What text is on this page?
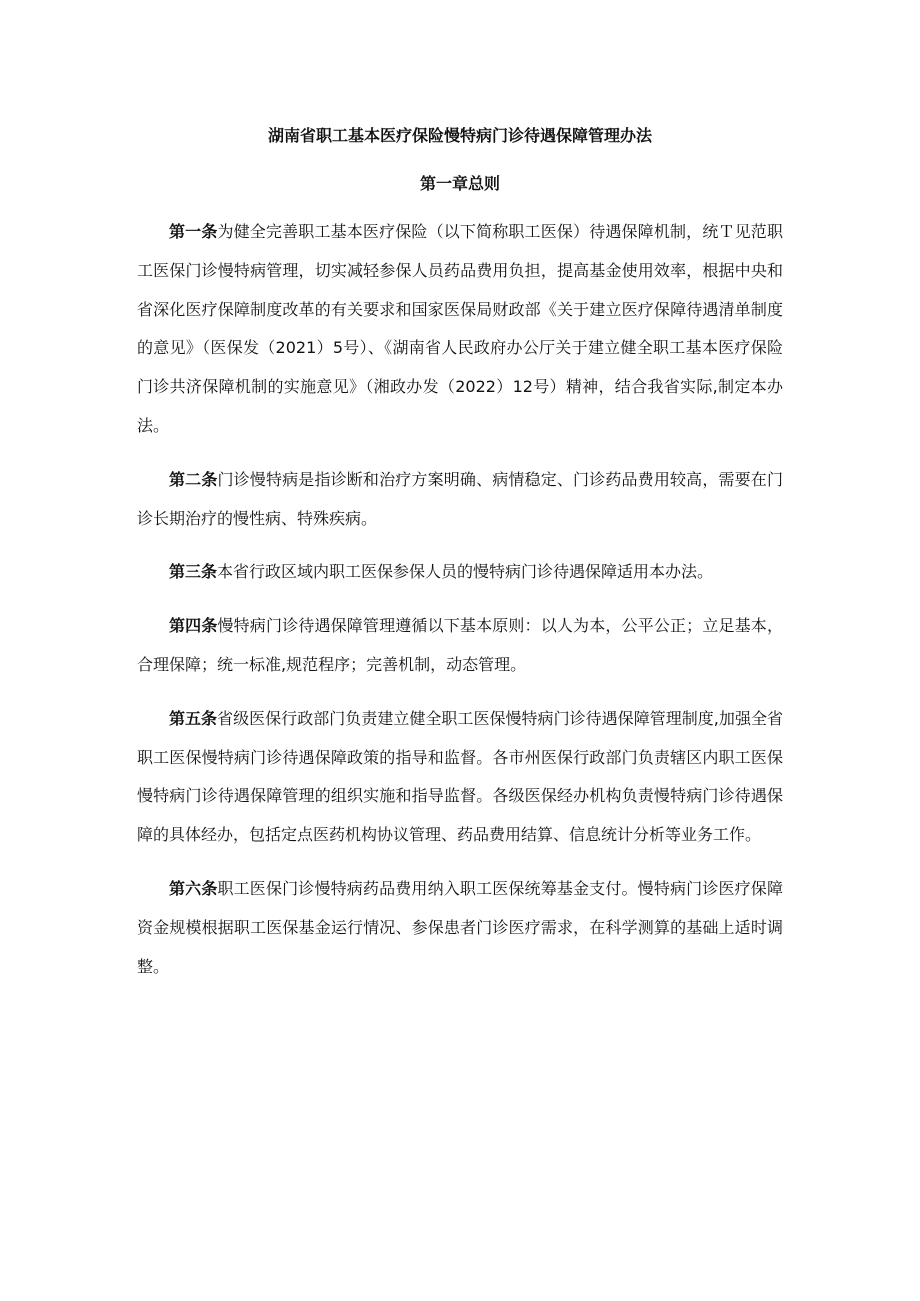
湖南省职工基本医疗保险慢特病门诊待遇保障管理办法
第一章总则

第一条为健全完善职工基本医疗保险（以下简称职工医保）待遇保障机制，统Ｔ见范职工医保门诊慢特病管理，切实减轻参保人员药品费用负担，提高基金使用效率，根据中央和省深化医疗保障制度改革的有关要求和国家医保局财政部《关于建立医疗保障待遇清单制度的意见》（医保发（2021）5号）、《湖南省人民政府办公厅关于建立健全职工基本医疗保险门诊共济保障机制的实施意见》（湘政办发（2022）12号）精神，结合我省实际,制定本办法。

第二条门诊慢特病是指诊断和治疗方案明确、病情稳定、门诊药品费用较高，需要在门诊长期治疗的慢性病、特殊疾病。

第三条本省行政区域内职工医保参保人员的慢特病门诊待遇保障适用本办法。

第四条慢特病门诊待遇保障管理遵循以下基本原则：以人为本，公平公正；立足基本，合理保障；统一标准,规范程序；完善机制，动态管理。

第五条省级医保行政部门负责建立健全职工医保慢特病门诊待遇保障管理制度,加强全省职工医保慢特病门诊待遇保障政策的指导和监督。各市州医保行政部门负责辖区内职工医保慢特病门诊待遇保障管理的组织实施和指导监督。各级医保经办机构负责慢特病门诊待遇保障的具体经办，包括定点医药机构协议管理、药品费用结算、信息统计分析等业务工作。

第六条职工医保门诊慢特病药品费用纳入职工医保统筹基金支付。慢特病门诊医疗保障资金规模根据职工医保基金运行情况、参保患者门诊医疗需求，在科学测算的基础上适时调整。
